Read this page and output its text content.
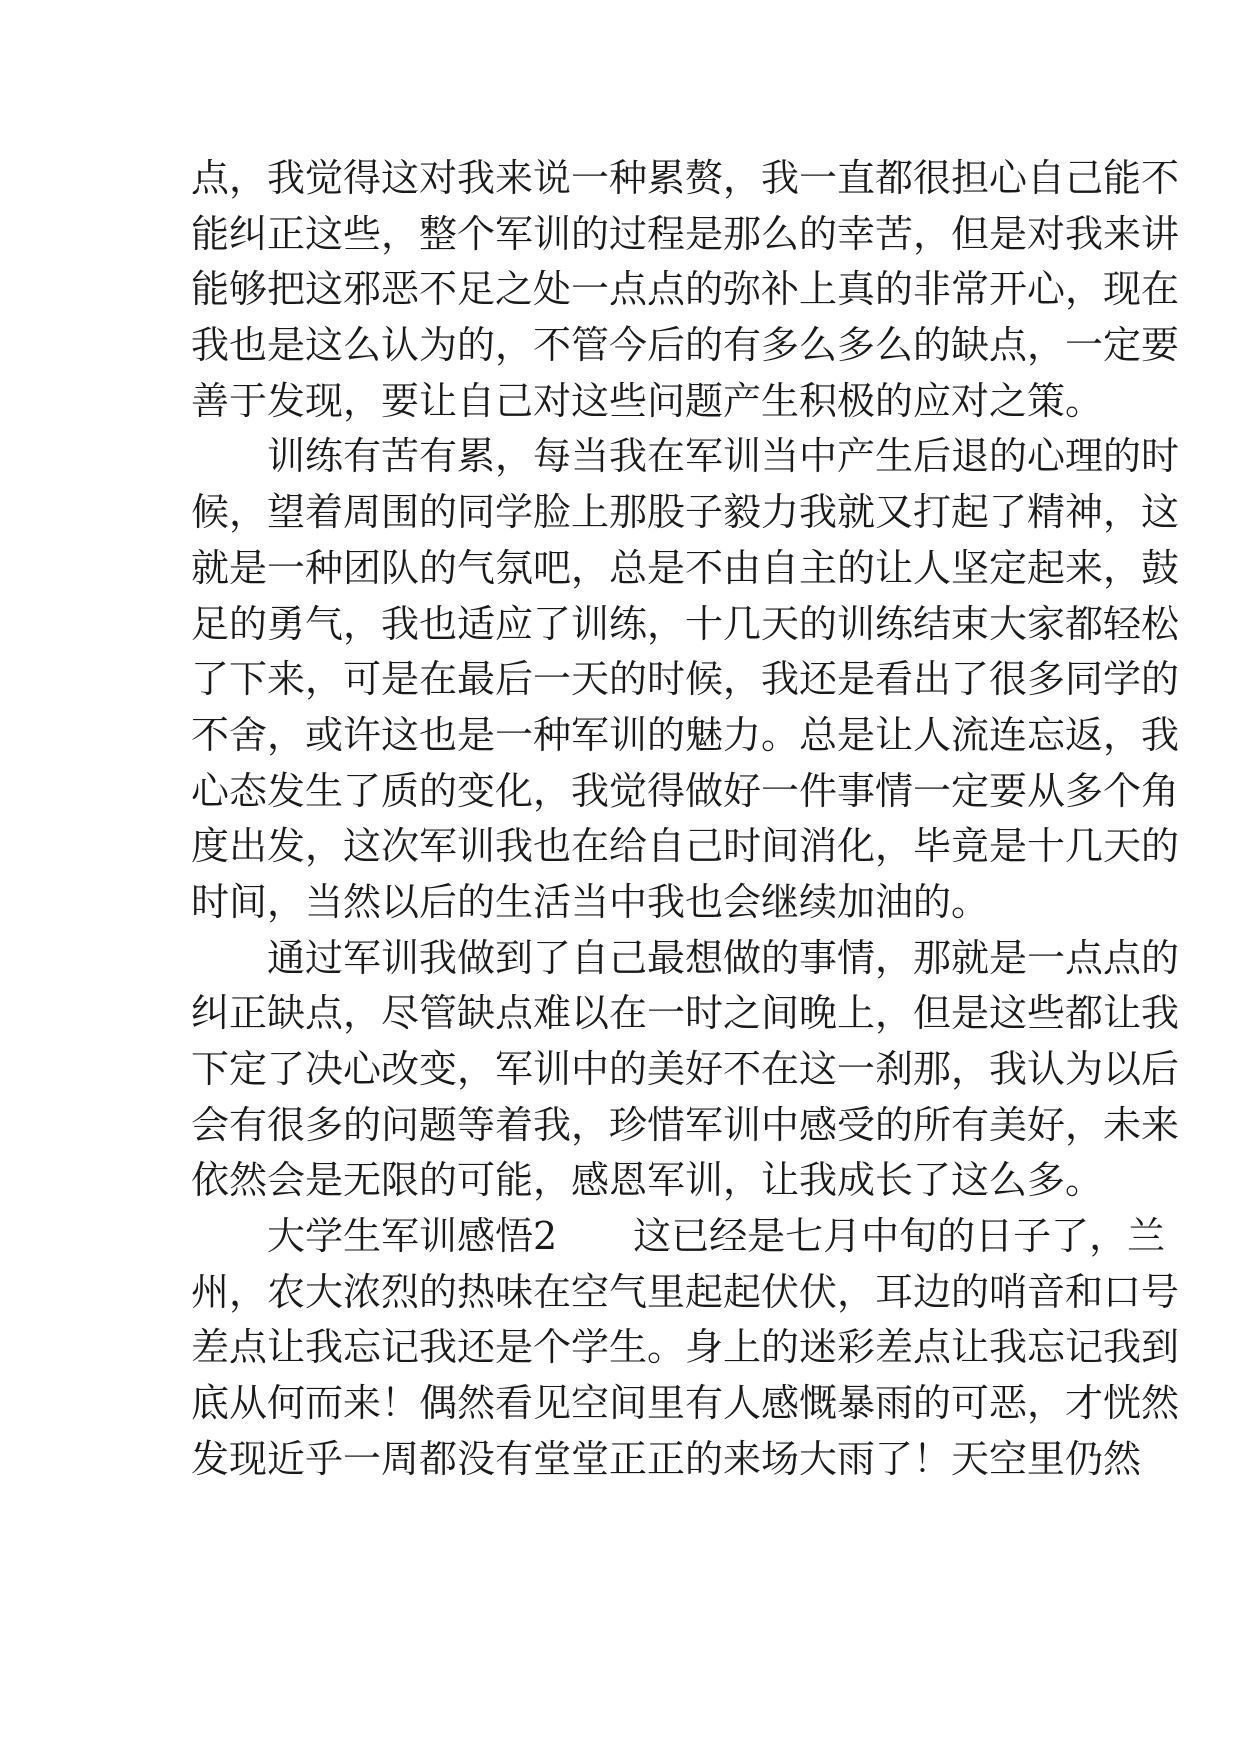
点，我觉得这对我来说一种累赘，我一直都很担心自己能不
能纠正这些，整个军训的过程是那么的幸苦，但是对我来讲
能够把这邪恶不足之处一点点的弥补上真的非常开心，现在
我也是这么认为的，不管今后的有多么多么的缺点，一定要
善于发现，要让自己对这些问题产生积极的应对之策。
训练有苦有累，每当我在军训当中产生后退的心理的时
候，望着周围的同学脸上那股子毅力我就又打起了精神，这
就是一种团队的气氛吧，总是不由自主的让人坚定起来，鼓
足的勇气，我也适应了训练，十几天的训练结束大家都轻松
了下来，可是在最后一天的时候，我还是看出了很多同学的
不舍，或许这也是一种军训的魅力。总是让人流连忘返，我
心态发生了质的变化，我觉得做好一件事情一定要从多个角
度出发，这次军训我也在给自己时间消化，毕竟是十几天的
时间，当然以后的生活当中我也会继续加油的。
通过军训我做到了自己最想做的事情，那就是一点点的
纠正缺点，尽管缺点难以在一时之间晚上，但是这些都让我
下定了决心改变，军训中的美好不在这一刹那，我认为以后
会有很多的问题等着我，珍惜军训中感受的所有美好，未来
依然会是无限的可能，感恩军训，让我成长了这么多。
大学生军训感悟2　　这已经是七月中旬的日子了，兰
州，农大浓烈的热味在空气里起起伏伏，耳边的哨音和口号
差点让我忘记我还是个学生。身上的迷彩差点让我忘记我到
底从何而来！偶然看见空间里有人感慨暴雨的可恶，才恍然
发现近乎一周都没有堂堂正正的来场大雨了！天空里仍然
